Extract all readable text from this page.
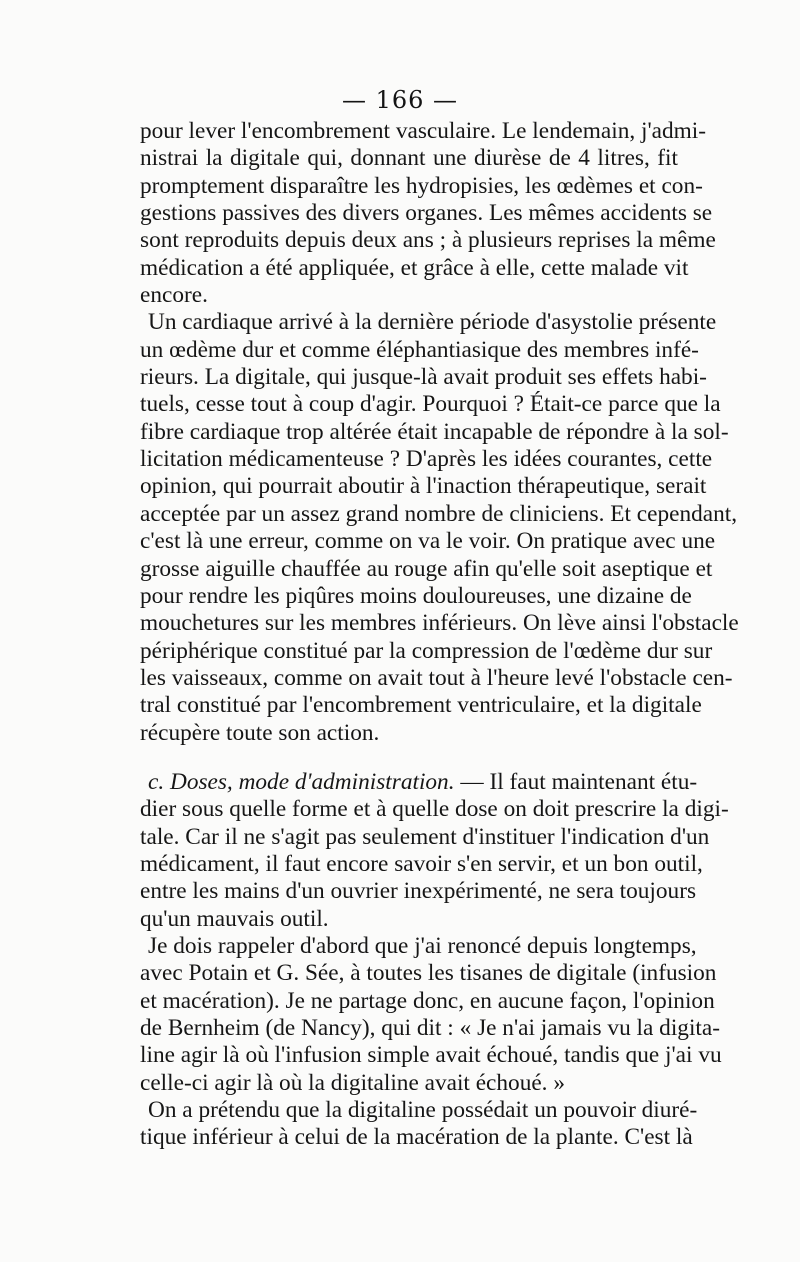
— 166 —
pour lever l'encombrement vasculaire. Le lendemain, j'admi-
nistrai la digitale qui, donnant une diurèse de 4 litres, fit
promptement disparaître les hydropisies, les œdèmes et con-
gestions passives des divers organes. Les mêmes accidents se
sont reproduits depuis deux ans ; à plusieurs reprises la même
médication a été appliquée, et grâce à elle, cette malade vit
encore.
Un cardiaque arrivé à la dernière période d'asystolie présente
un œdème dur et comme éléphantiasique des membres infé-
rieurs. La digitale, qui jusque-là avait produit ses effets habi-
tuels, cesse tout à coup d'agir. Pourquoi ? Était-ce parce que la
fibre cardiaque trop altérée était incapable de répondre à la sol-
licitation médicamenteuse ? D'après les idées courantes, cette
opinion, qui pourrait aboutir à l'inaction thérapeutique, serait
acceptée par un assez grand nombre de cliniciens. Et cependant,
c'est là une erreur, comme on va le voir. On pratique avec une
grosse aiguille chauffée au rouge afin qu'elle soit aseptique et
pour rendre les piqûres moins douloureuses, une dizaine de
mouchetures sur les membres inférieurs. On lève ainsi l'obstacle
périphérique constitué par la compression de l'œdème dur sur
les vaisseaux, comme on avait tout à l'heure levé l'obstacle cen-
tral constitué par l'encombrement ventriculaire, et la digitale
récupère toute son action.
c. Doses, mode d'administration. — Il faut maintenant étu-
dier sous quelle forme et à quelle dose on doit prescrire la digi-
tale. Car il ne s'agit pas seulement d'instituer l'indication d'un
médicament, il faut encore savoir s'en servir, et un bon outil,
entre les mains d'un ouvrier inexpérimenté, ne sera toujours
qu'un mauvais outil.
Je dois rappeler d'abord que j'ai renoncé depuis longtemps,
avec Potain et G. Sée, à toutes les tisanes de digitale (infusion
et macération). Je ne partage donc, en aucune façon, l'opinion
de Bernheim (de Nancy), qui dit : « Je n'ai jamais vu la digita-
line agir là où l'infusion simple avait échoué, tandis que j'ai vu
celle-ci agir là où la digitaline avait échoué. »
On a prétendu que la digitaline possédait un pouvoir diuré-
tique inférieur à celui de la macération de la plante. C'est là
